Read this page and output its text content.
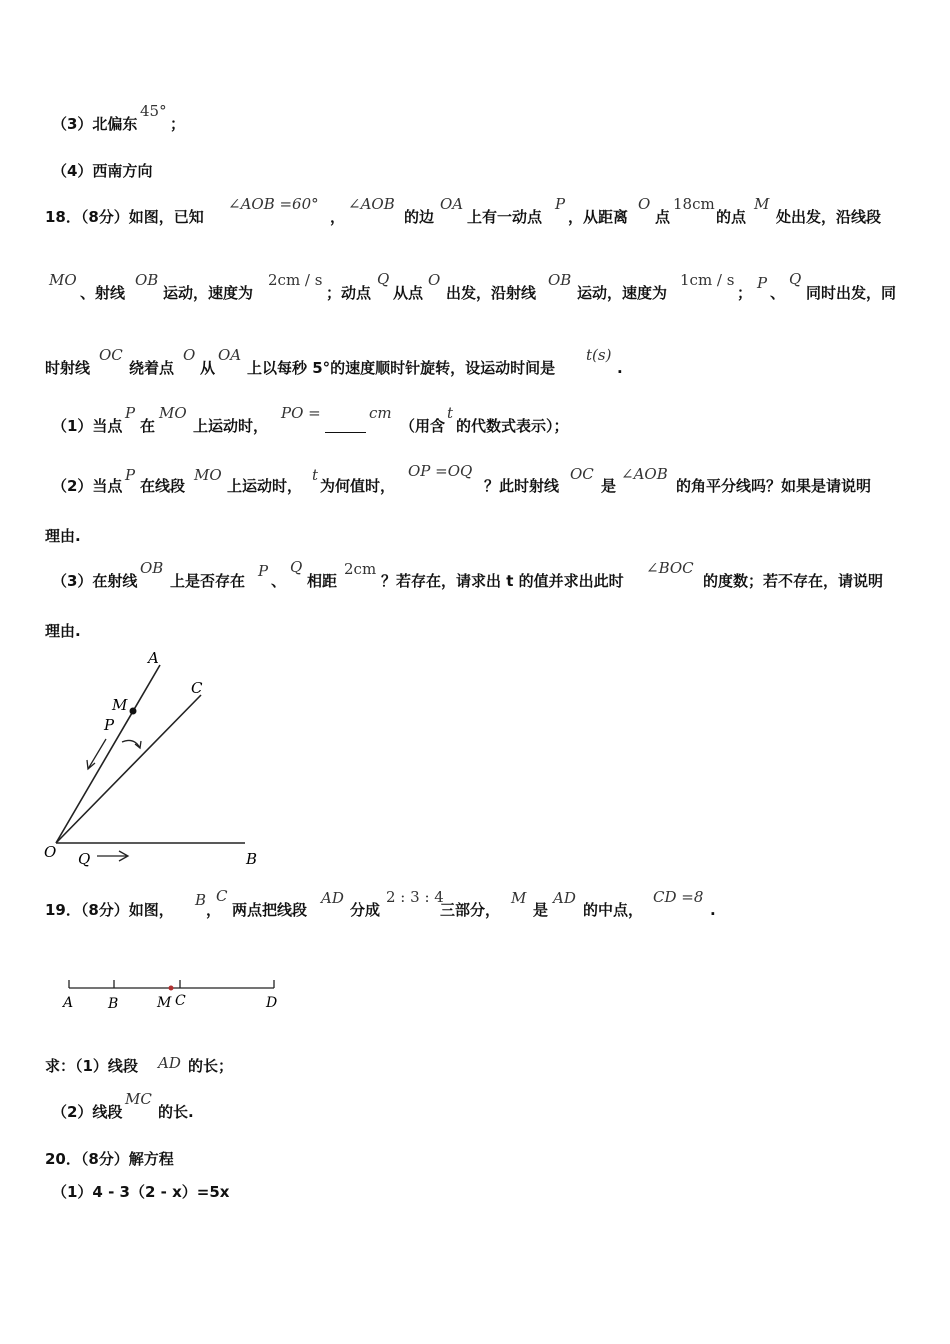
（3）北偏东
45°
；
（4）西南方向
18．（8分）如图，已知
∠AOB =60°
，
∠AOB
的边
OA
上有一动点
P
，从距离
O
点
18cm
的点
M
处出发，沿线段
MO
、射线
OB
运动，速度为
2cm / s
；动点
Q
从点
O
出发，沿射线
OB
运动，速度为
1cm / s
；
P
、
Q
同时出发，同
时射线
OC
绕着点
O
从
OA
上以每秒 5°的速度顺时针旋转，设运动时间是
t(s)
.
（1）当点
P
在
MO
上运动时，
PO =	cm
（用含
t
的代数式表示）；
（2）当点
P
在线段
MO
上运动时，
t
为何值时，
OP =OQ
？此时射线
OC
是
∠AOB
的角平分线吗？如果是请说明
理由.
（3）在射线
OB
上是否存在
P
、
Q
相距
2cm
？若存在，请求出 t 的值并求出此时
∠BOC
的度数；若不存在，请说明
理由.
A
C
M
P
O Q	B
19．（8分）如图，
B
，
C
两点把线段
AD
分成
2 : 3 : 4
三部分，
M
是
AD
的中点，
CD =8
.
A B	M C	D
求：（1）线段 AD 的长；
（2）线段
MC
的长.
20．（8分）解方程
（1）4 - 3（2 - x）=5x
